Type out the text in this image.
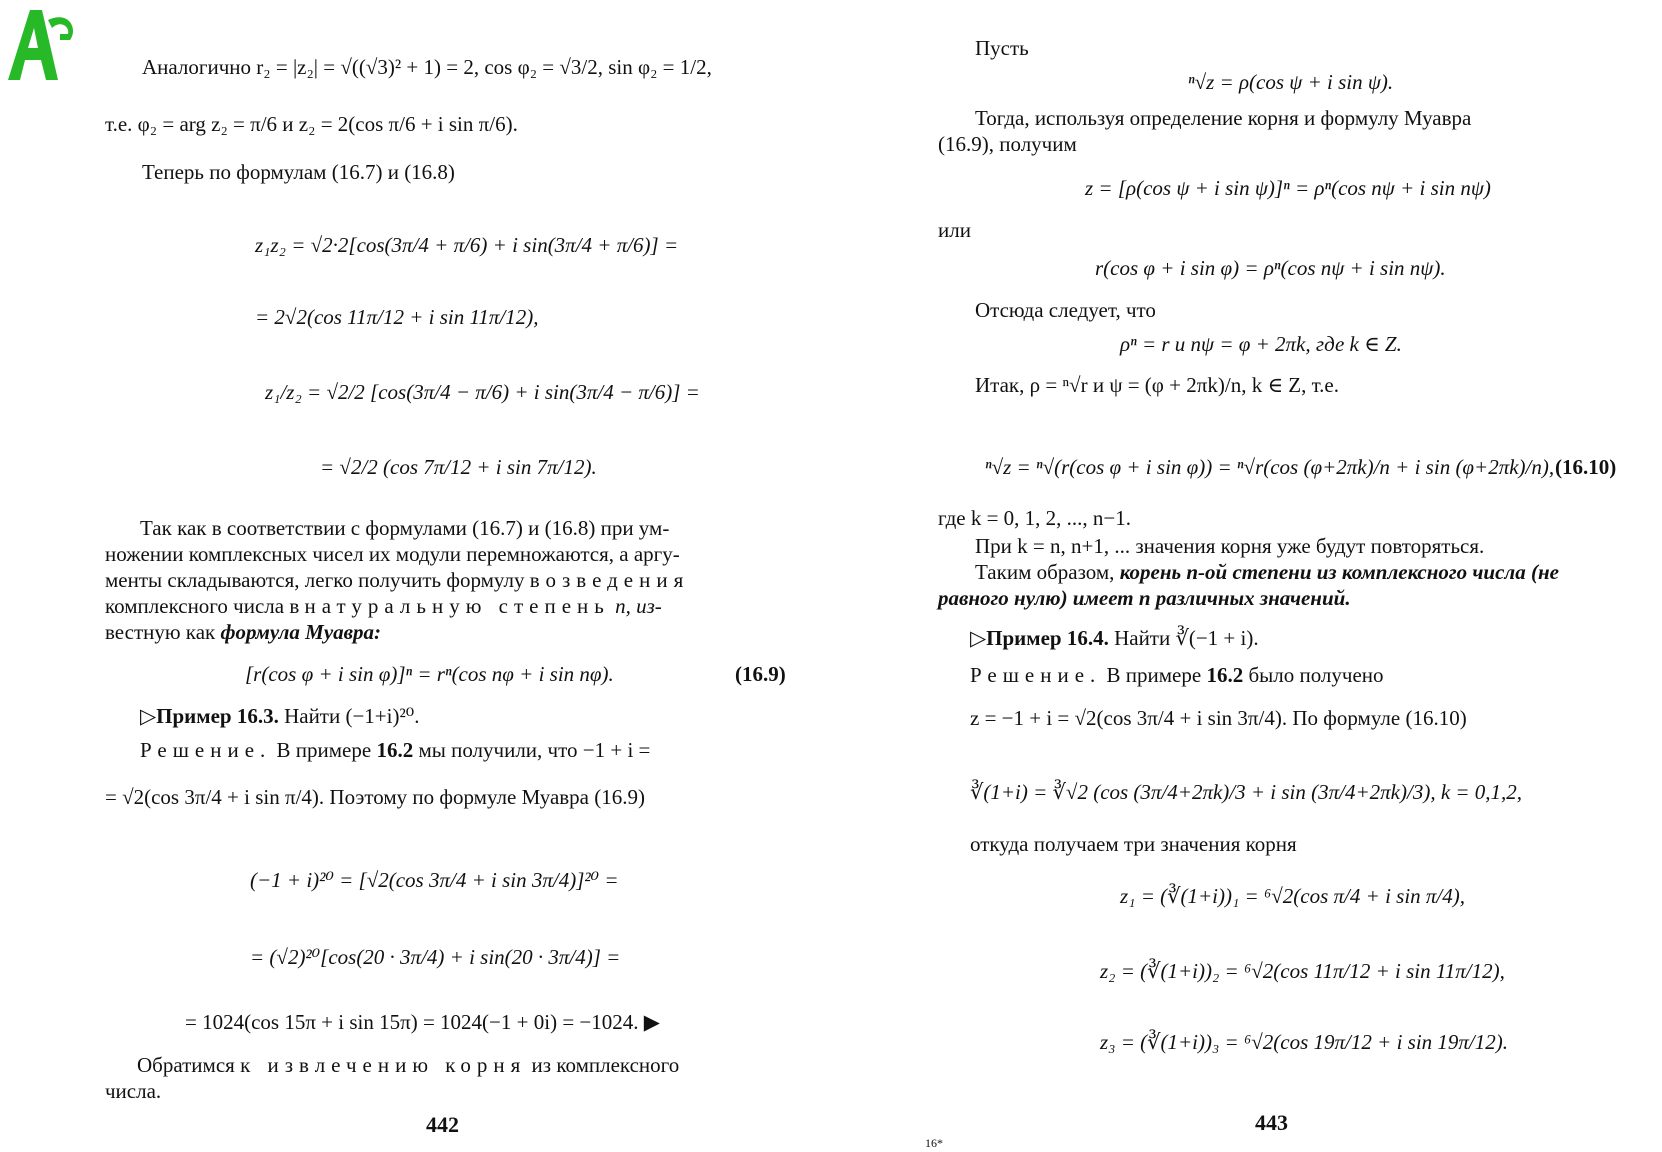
Аналогично r₂ = |z₂| = √((√3)² + 1) = 2, cos φ₂ = √3/2, sin φ₂ = 1/2,
т.е. φ₂ = arg z₂ = π/6 и z₂ = 2(cos π/6 + i sin π/6).
Теперь по формулам (16.7) и (16.8)
z₁z₂ = √2·2[cos(3π/4 + π/6) + i sin(3π/4 + π/6)] =
= 2√2(cos 11π/12 + i sin 11π/12),
z₁/z₂ = √2/2 [cos(3π/4 − π/6) + i sin(3π/4 − π/6)] =
= √2/2 (cos 7π/12 + i sin 7π/12).
Так как в соответствии с формулами (16.7) и (16.8) при ум-
ножении комплексных чисел их модули перемножаются, а аргу-
менты складываются, легко получить формулу возведения
комплексного числа в натуральную степень n, из-
вестную как формула Муавра:
[r(cos φ + i sin φ)]ⁿ = rⁿ(cos nφ + i sin nφ).	(16.9)
▷Пример 16.3. Найти (−1+i)²⁰.
Решение. В примере 16.2 мы получили, что −1 + i =
= √2(cos 3π/4 + i sin π/4). Поэтому по формуле Муавра (16.9)
(−1 + i)²⁰ = [√2(cos 3π/4 + i sin 3π/4)]²⁰ =
= (√2)²⁰[cos(20 · 3π/4) + i sin(20 · 3π/4)] =
= 1024(cos 15π + i sin 15π) = 1024(−1 + 0i) = −1024. ▶
Обратимся к извлечению корня из комплексного
числа.
442
Пусть
ⁿ√z = ρ(cos ψ + i sin ψ).
Тогда, используя определение корня и формулу Муавра
(16.9), получим
z = [ρ(cos ψ + i sin ψ)]ⁿ = ρⁿ(cos nψ + i sin nψ)
или
r(cos φ + i sin φ) = ρⁿ(cos nψ + i sin nψ).
Отсюда следует, что
ρⁿ = r и nψ = φ + 2πk, где k ∈ Z.
Итак, ρ = ⁿ√r и ψ = (φ + 2πk)/n, k ∈ Z, т.е.
ⁿ√z = ⁿ√(r(cos φ + i sin φ)) = ⁿ√r(cos (φ+2πk)/n + i sin (φ+2πk)/n), (16.10)
где k = 0, 1, 2, ..., n−1.
При k = n, n+1, ... значения корня уже будут повторяться.
Таким образом, корень n-ой степени из комплексного числа (не
равного нулю) имеет n различных значений.
▷Пример 16.4. Найти ∛(−1 + i).
Решение. В примере 16.2 было получено
z = −1 + i = √2(cos 3π/4 + i sin 3π/4). По формуле (16.10)
∛(1+i) = ∛√2 (cos (3π/4+2πk)/3 + i sin (3π/4+2πk)/3), k = 0,1,2,
откуда получаем три значения корня
z₁ = (∛(1+i))₁ = ⁶√2(cos π/4 + i sin π/4),
z₂ = (∛(1+i))₂ = ⁶√2(cos 11π/12 + i sin 11π/12),
z₃ = (∛(1+i))₃ = ⁶√2(cos 19π/12 + i sin 19π/12).
443
16*
